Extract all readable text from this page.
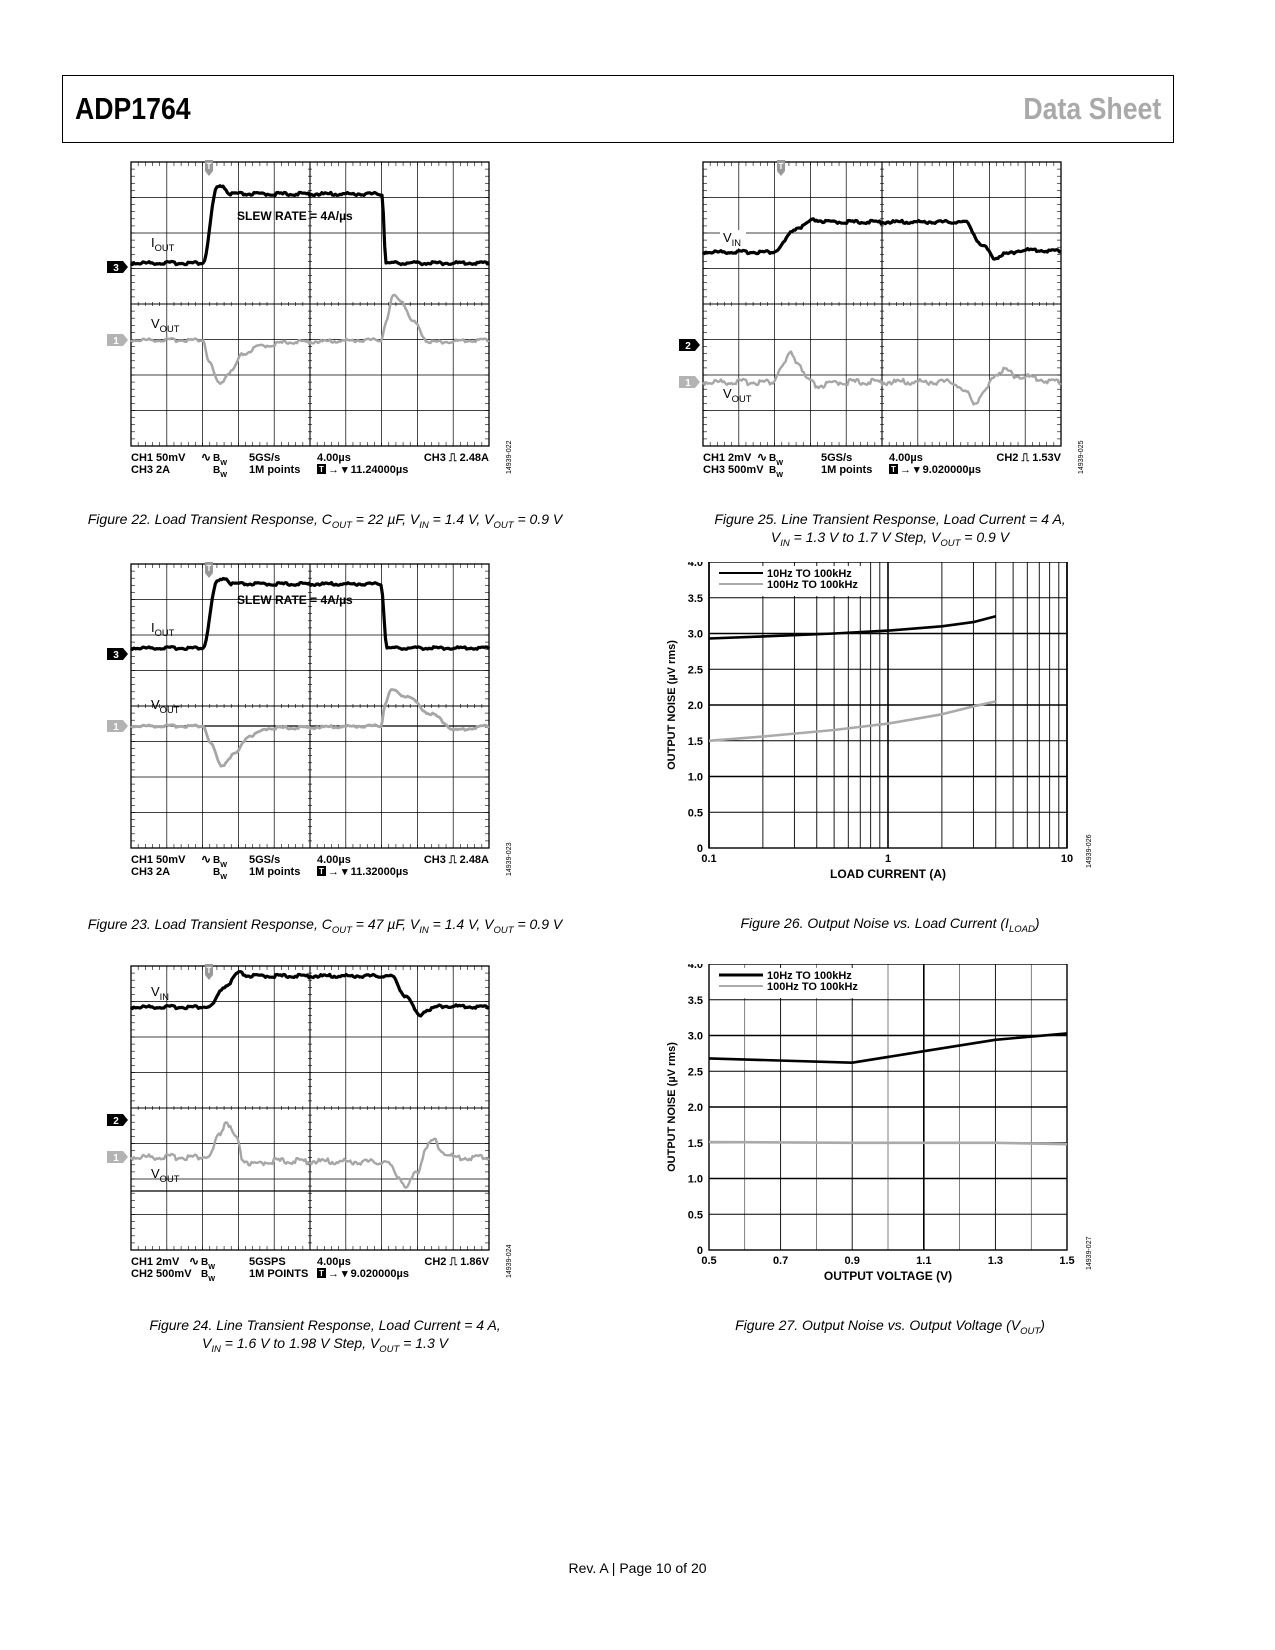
ADP1764	Data Sheet
T
$I_{OUT}$
$V_{OUT}$
SLEW RATE = 4A/µs
3
1
CH1 50mV
CH3 2A
∿ $B_W$
$B_W$
5GS/s
1M points
4.00µs	CH3 ⎍ 2.48A
T → ▾ 11.24000µs	14939-022
Figure 22. Load Transient Response, $C_{OUT} = 22$ µF, $V_{IN} = 1.4$ V, $V_{OUT} = 0.9$ V
T
$I_{OUT}$
$V_{OUT}$
SLEW RATE = 4A/µs
3
1
CH1 50mV
CH3 2A
∿ $B_W$
$B_W$
5GS/s
1M points
4.00µs	CH3 ⎍ 2.48A
T → ▾ 11.32000µs	14939-023
Figure 23. Load Transient Response, $C_{OUT} = 47$ µF, $V_{IN} = 1.4$ V, $V_{OUT} = 0.9$ V
T
$V_{IN}$
$V_{OUT}$
2
1
CH1 2mV
CH2 500mV
∿ $B_W$
$B_W$
5GSPS
1M POINTS
4.00µs	CH2 ⎍ 1.86V
T → ▾ 9.020000µs	14939-024
Figure 24. Line Transient Response, Load Current = 4 A,
$V_{IN} = 1.6$ V to 1.98 V Step, $V_{OUT} = 1.3$ V
T
$V_{IN}$
$V_{OUT}$
2
1
CH1 2mV
CH3 500mV
∿ $B_W$
$B_W$
5GS/s
1M points
4.00µs	CH2 ⎍ 1.53V
T → ▾ 9.020000µs	14939-025
Figure 25. Line Transient Response, Load Current = 4 A,
$V_{IN} = 1.3$ V to 1.7 V Step, $V_{OUT} = 0.9$ V
10Hz TO 100kHz
100Hz TO 100kHz
0
0.5
1.0
1.5
2.0
2.5
3.0
3.5
4.0
0.1	1	10
LOAD CURRENT (A)
OUTPUT NOISE (µV rms)
14939-026
Figure 26. Output Noise vs. Load Current $(I_{LOAD})$
10Hz TO 100kHz
100Hz TO 100kHz
0
0.5
1.0
1.5
2.0
2.5
3.0
3.5
4.0
0.5	0.7	0.9	1.1	1.3	1.5
OUTPUT VOLTAGE (V)
OUTPUT NOISE (µV rms)
14939-027
Figure 27. Output Noise vs. Output Voltage $(V_{OUT})$
Rev. A | Page 10 of 20
